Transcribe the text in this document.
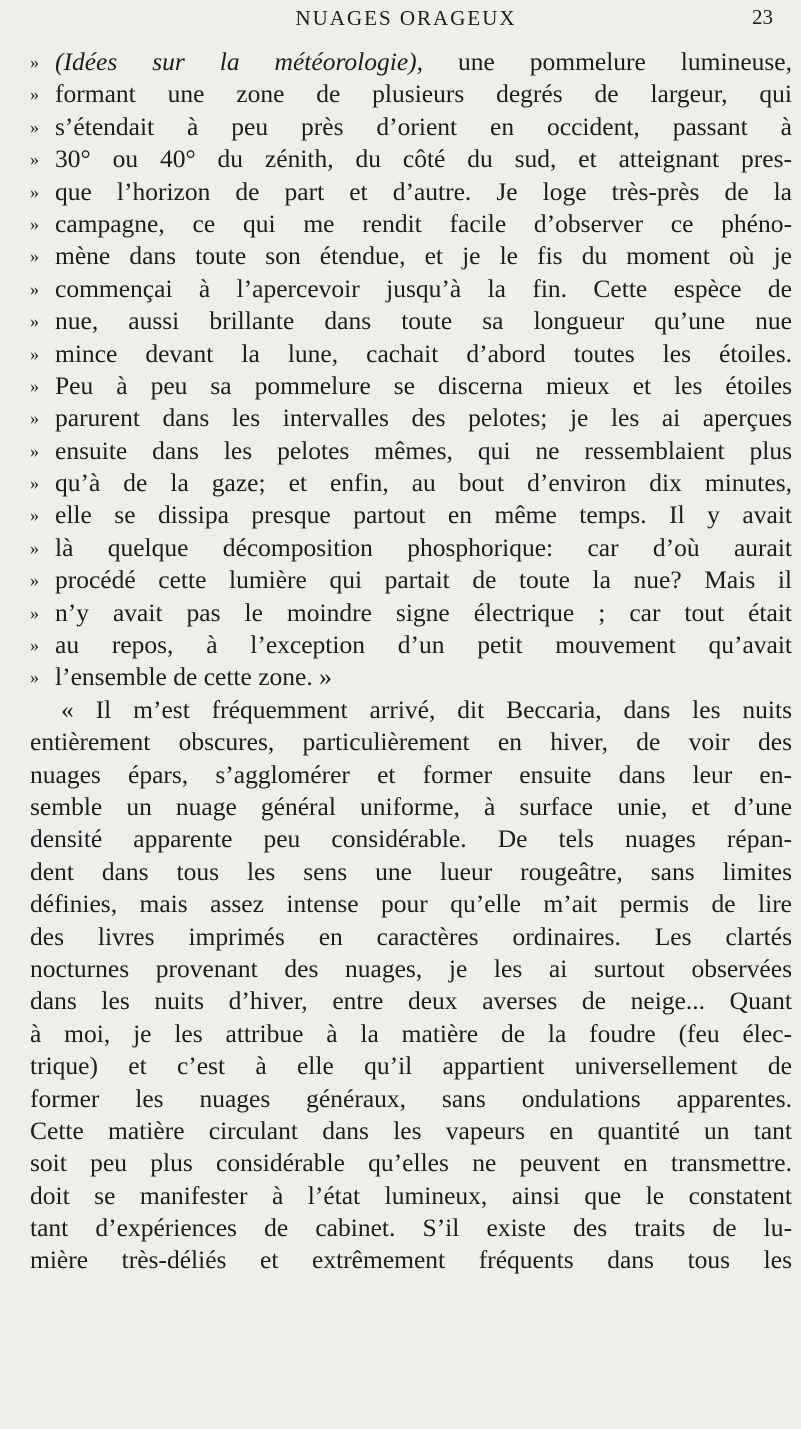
NUAGES ORAGEUX	23
» (Idées sur la météorologie), une pommelure lumineuse,
» formant une zone de plusieurs degrés de largeur, qui
» s’étendait à peu près d’orient en occident, passant à
» 30° ou 40° du zénith, du côté du sud, et atteignant pres-
» que l’horizon de part et d’autre. Je loge très-près de la
» campagne, ce qui me rendit facile d’observer ce phéno-
» mène dans toute son étendue, et je le fis du moment où je
» commençai à l’apercevoir jusqu’à la fin. Cette espèce de
» nue, aussi brillante dans toute sa longueur qu’une nue
» mince devant la lune, cachait d’abord toutes les étoiles.
» Peu à peu sa pommelure se discerna mieux et les étoiles
» parurent dans les intervalles des pelotes; je les ai aperçues
» ensuite dans les pelotes mêmes, qui ne ressemblaient plus
» qu’à de la gaze; et enfin, au bout d’environ dix minutes,
» elle se dissipa presque partout en même temps. Il y avait
» là quelque décomposition phosphorique: car d’où aurait
» procédé cette lumière qui partait de toute la nue? Mais il
» n’y avait pas le moindre signe électrique ; car tout était
» au repos, à l’exception d’un petit mouvement qu’avait
» l’ensemble de cette zone. »
« Il m’est fréquemment arrivé, dit Beccaria, dans les nuits
entièrement obscures, particulièrement en hiver, de voir des
nuages épars, s’agglomérer et former ensuite dans leur en-
semble un nuage général uniforme, à surface unie, et d’une
densité apparente peu considérable. De tels nuages répan-
dent dans tous les sens une lueur rougeâtre, sans limites
définies, mais assez intense pour qu’elle m’ait permis de lire
des livres imprimés en caractères ordinaires. Les clartés
nocturnes provenant des nuages, je les ai surtout observées
dans les nuits d’hiver, entre deux averses de neige... Quant
à moi, je les attribue à la matière de la foudre (feu élec-
trique) et c’est à elle qu’il appartient universellement de
former les nuages généraux, sans ondulations apparentes.
Cette matière circulant dans les vapeurs en quantité un tant
soit peu plus considérable qu’elles ne peuvent en transmettre.
doit se manifester à l’état lumineux, ainsi que le constatent
tant d’expériences de cabinet. S’il existe des traits de lu-
mière très-déliés et extrêmement fréquents dans tous les
